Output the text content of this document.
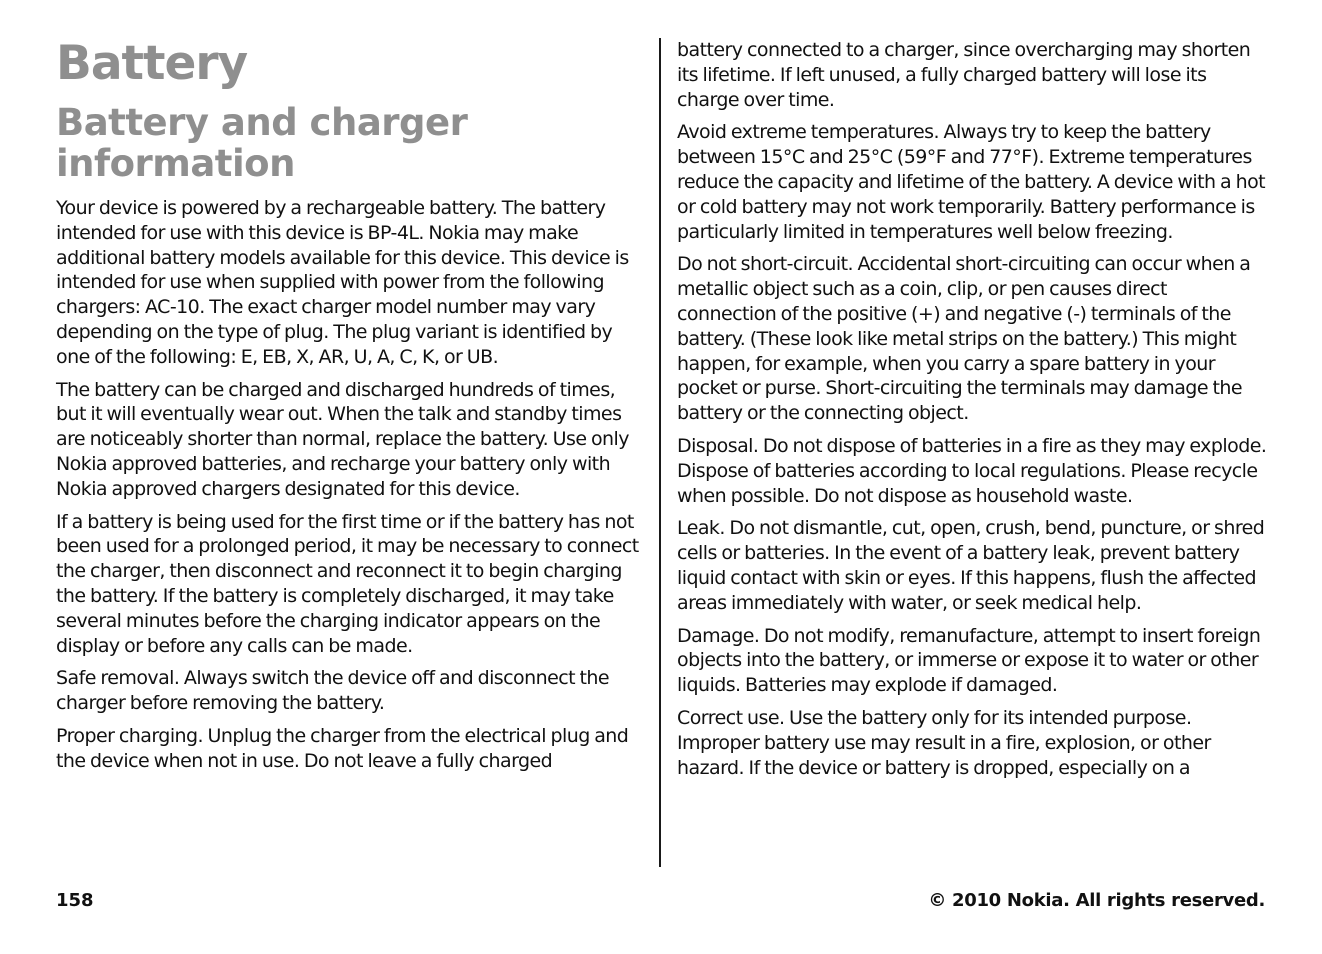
Battery
Battery and charger information

Your device is powered by a rechargeable battery. The battery intended for use with this device is BP-4L. Nokia may make additional battery models available for this device. This device is intended for use when supplied with power from the following chargers: AC-10. The exact charger model number may vary depending on the type of plug. The plug variant is identified by one of the following: E, EB, X, AR, U, A, C, K, or UB.

The battery can be charged and discharged hundreds of times, but it will eventually wear out. When the talk and standby times are noticeably shorter than normal, replace the battery. Use only Nokia approved batteries, and recharge your battery only with Nokia approved chargers designated for this device.

If a battery is being used for the first time or if the battery has not been used for a prolonged period, it may be necessary to connect the charger, then disconnect and reconnect it to begin charging the battery. If the battery is completely discharged, it may take several minutes before the charging indicator appears on the display or before any calls can be made.

Safe removal. Always switch the device off and disconnect the charger before removing the battery.

Proper charging. Unplug the charger from the electrical plug and the device when not in use. Do not leave a fully charged

battery connected to a charger, since overcharging may shorten its lifetime. If left unused, a fully charged battery will lose its charge over time.

Avoid extreme temperatures. Always try to keep the battery between 15°C and 25°C (59°F and 77°F). Extreme temperatures reduce the capacity and lifetime of the battery. A device with a hot or cold battery may not work temporarily. Battery performance is particularly limited in temperatures well below freezing.

Do not short-circuit. Accidental short-circuiting can occur when a metallic object such as a coin, clip, or pen causes direct connection of the positive (+) and negative (-) terminals of the battery. (These look like metal strips on the battery.) This might happen, for example, when you carry a spare battery in your pocket or purse. Short-circuiting the terminals may damage the battery or the connecting object.

Disposal. Do not dispose of batteries in a fire as they may explode. Dispose of batteries according to local regulations. Please recycle when possible. Do not dispose as household waste.

Leak. Do not dismantle, cut, open, crush, bend, puncture, or shred cells or batteries. In the event of a battery leak, prevent battery liquid contact with skin or eyes. If this happens, flush the affected areas immediately with water, or seek medical help.

Damage. Do not modify, remanufacture, attempt to insert foreign objects into the battery, or immerse or expose it to water or other liquids. Batteries may explode if damaged.

Correct use. Use the battery only for its intended purpose. Improper battery use may result in a fire, explosion, or other hazard. If the device or battery is dropped, especially on a

158	© 2010 Nokia. All rights reserved.
